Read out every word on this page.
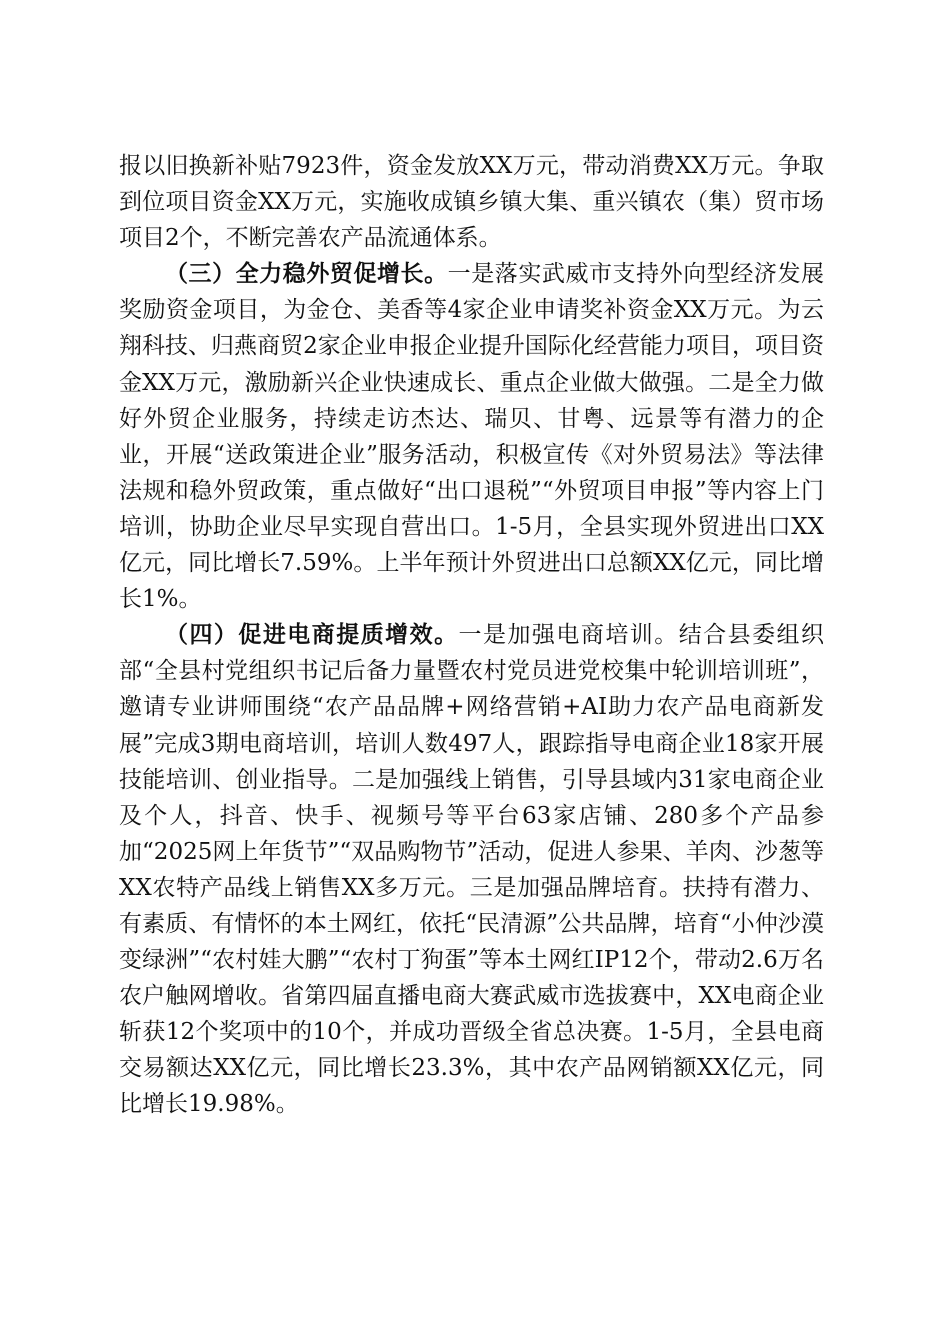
报以旧换新补贴7923件，资金发放XX万元，带动消费XX万元。争取到位项目资金XX万元，实施收成镇乡镇大集、重兴镇农（集）贸市场项目2个，不断完善农产品流通体系。

（三）全力稳外贸促增长。一是落实武威市支持外向型经济发展奖励资金项目，为金仓、美香等4家企业申请奖补资金XX万元。为云翔科技、归燕商贸2家企业申报企业提升国际化经营能力项目，项目资金XX万元，激励新兴企业快速成长、重点企业做大做强。二是全力做好外贸企业服务，持续走访杰达、瑞贝、甘粤、远景等有潜力的企业，开展“送政策进企业”服务活动，积极宣传《对外贸易法》等法律法规和稳外贸政策，重点做好“出口退税”“外贸项目申报”等内容上门培训，协助企业尽早实现自营出口。1-5月，全县实现外贸进出口XX亿元，同比增长7.59%。上半年预计外贸进出口总额XX亿元，同比增长1%。

（四）促进电商提质增效。一是加强电商培训。结合县委组织部“全县村党组织书记后备力量暨农村党员进党校集中轮训培训班”，邀请专业讲师围绕“农产品品牌+网络营销+AI助力农产品电商新发展”完成3期电商培训，培训人数497人，跟踪指导电商企业18家开展技能培训、创业指导。二是加强线上销售，引导县域内31家电商企业及个人，抖音、快手、视频号等平台63家店铺、280多个产品参加“2025网上年货节”“双品购物节”活动，促进人参果、羊肉、沙葱等XX农特产品线上销售XX多万元。三是加强品牌培育。扶持有潜力、有素质、有情怀的本土网红，依托“民清源”公共品牌，培育“小仲沙漠变绿洲”“农村娃大鹏”“农村丁狗蛋”等本土网红IP12个，带动2.6万名农户触网增收。省第四届直播电商大赛武威市选拔赛中，XX电商企业斩获12个奖项中的10个，并成功晋级全省总决赛。1-5月，全县电商交易额达XX亿元，同比增长23.3%，其中农产品网销额XX亿元，同比增长19.98%。
